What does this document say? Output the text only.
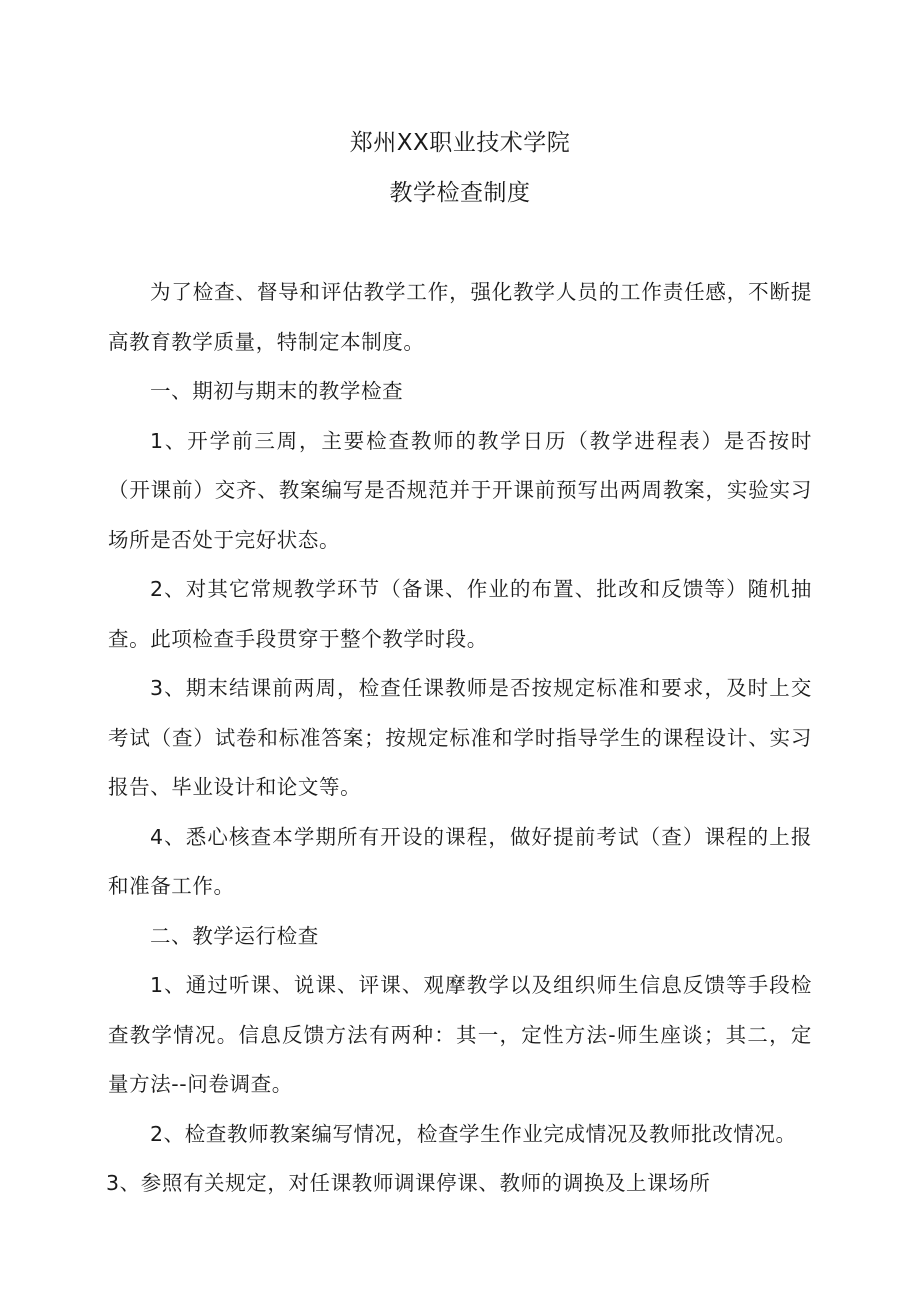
郑州XX职业技术学院
教学检查制度

为了检查、督导和评估教学工作，强化教学人员的工作责任感，不断提高教育教学质量，特制定本制度。

一、期初与期末的教学检查

1、开学前三周，主要检查教师的教学日历（教学进程表）是否按时（开课前）交齐、教案编写是否规范并于开课前预写出两周教案，实验实习场所是否处于完好状态。

2、对其它常规教学环节（备课、作业的布置、批改和反馈等）随机抽查。此项检查手段贯穿于整个教学时段。

3、期末结课前两周，检查任课教师是否按规定标准和要求，及时上交考试（查）试卷和标准答案；按规定标准和学时指导学生的课程设计、实习报告、毕业设计和论文等。

4、悉心核查本学期所有开设的课程，做好提前考试（查）课程的上报和准备工作。

二、教学运行检查

1、通过听课、说课、评课、观摩教学以及组织师生信息反馈等手段检查教学情况。信息反馈方法有两种：其一，定性方法-师生座谈；其二，定量方法--问卷调查。

2、检查教师教案编写情况，检查学生作业完成情况及教师批改情况。

3、参照有关规定，对任课教师调课停课、教师的调换及上课场所
